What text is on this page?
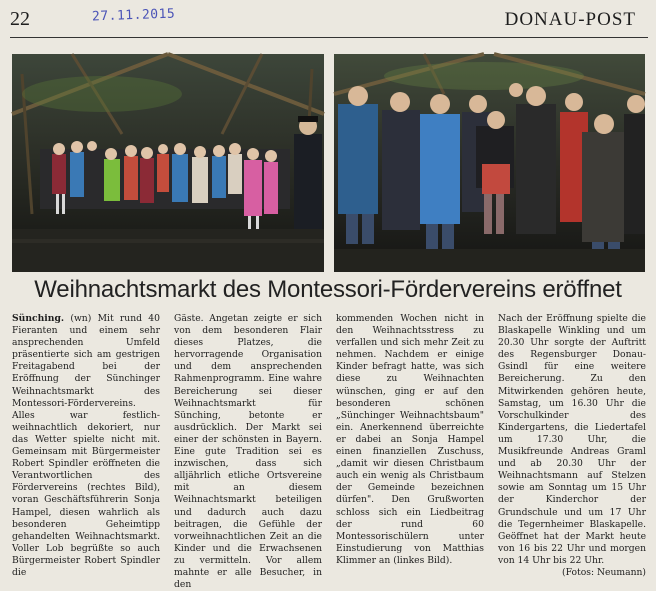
22	27.11.2015	DONAU-POST
Weihnachtsmarkt des Montessori-Fördervereins eröffnet

Sünching. (wn) Mit rund 40 Fieranten und einem sehr ansprechenden Umfeld präsentierte sich am gestrigen Freitagabend bei der Eröffnung der Sünchinger Weihnachtsmarkt des Montessori-Fördervereins. Alles war festlich-weihnachtlich dekoriert, nur das Wetter spielte nicht mit. Gemeinsam mit Bürgermeister Robert Spindler eröffneten die Verantwortlichen des Fördervereins (rechtes Bild), voran Geschäftsführerin Sonja Hampel, diesen wahrlich als besonderen Geheimtipp gehandelten Weihnachtsmarkt. Voller Lob begrüßte so auch Bürgermeister Robert Spindler die

Gäste. Angetan zeigte er sich von dem besonderen Flair dieses Platzes, die hervorragende Organisation und dem ansprechenden Rahmenprogramm. Eine wahre Bereicherung sei dieser Weihnachtsmarkt für Sünching, betonte er ausdrücklich. Der Markt sei einer der schönsten in Bayern. Eine gute Tradition sei es inzwischen, dass sich alljährlich etliche Ortsvereine mit an diesem Weihnachtsmarkt beteiligen und dadurch auch dazu beitragen, die Gefühle der vorweihnachtlichen Zeit an die Kinder und die Erwachsenen zu vermitteln. Vor allem mahnte er alle Besucher, in den

kommenden Wochen nicht in den Weihnachtsstress zu verfallen und sich mehr Zeit zu nehmen. Nachdem er einige Kinder befragt hatte, was sich diese zu Weihnachten wünschen, ging er auf den besonderen schönen „Sünchinger Weihnachtsbaum" ein. Anerkennend überreichte er dabei an Sonja Hampel einen finanziellen Zuschuss, „damit wir diesen Christbaum auch ein wenig als Christbaum der Gemeinde bezeichnen dürfen". Den Grußworten schloss sich ein Liedbeitrag der rund 60 Montessorischülern unter Einstudierung von Matthias Klimmer an (linkes Bild).

Nach der Eröffnung spielte die Blaskapelle Winkling und um 20.30 Uhr sorgte der Auftritt des Regensburger Donau-Gsindl für eine weitere Bereicherung. Zu den Mitwirkenden gehören heute, Samstag, um 16.30 Uhr die Vorschulkinder des Kindergartens, die Liedertafel um 17.30 Uhr, die Musikfreunde Andreas Graml und ab 20.30 Uhr der Weihnachtsmann auf Stelzen sowie am Sonntag um 15 Uhr der Kinderchor der Grundschule und um 17 Uhr die Tegernheimer Blaskapelle. Geöffnet hat der Markt heute von 16 bis 22 Uhr und morgen von 14 Uhr bis 22 Uhr.

(Fotos: Neumann)
